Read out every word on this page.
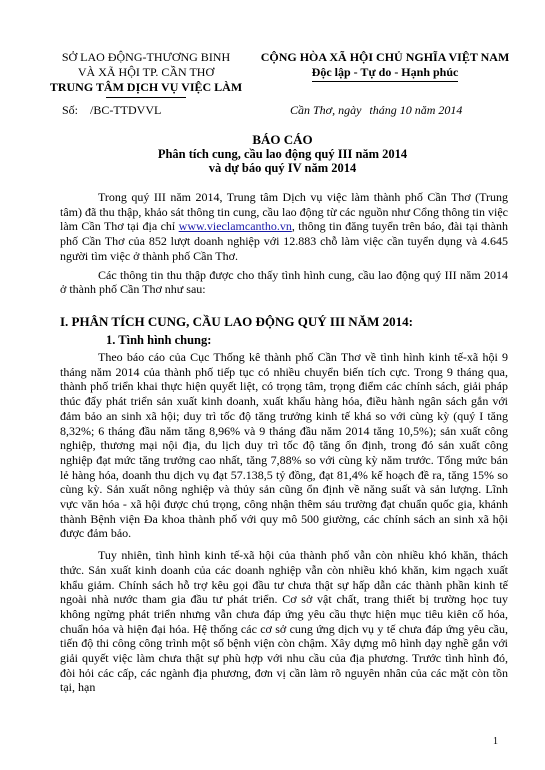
SỞ LAO ĐỘNG-THƯƠNG BINH
VÀ XÃ HỘI TP. CẦN THƠ
TRUNG TÂM DỊCH VỤ VIỆC LÀM
CỘNG HÒA XÃ HỘI CHỦ NGHĨA VIỆT NAM
Độc lập - Tự do - Hạnh phúc
Số: /BC-TTDVVL	Cần Thơ, ngày tháng 10 năm 2014
BÁO CÁO
Phân tích cung, cầu lao động quý III năm 2014
và dự báo quý IV năm 2014

Trong quý III năm 2014, Trung tâm Dịch vụ việc làm thành phố Cần Thơ (Trung tâm) đã thu thập, khảo sát thông tin cung, cầu lao động từ các nguồn như Cổng thông tin việc làm Cần Thơ tại địa chỉ www.vieclamcantho.vn, thông tin đăng tuyển trên báo, đài tại thành phố Cần Thơ của 852 lượt doanh nghiệp với 12.883 chỗ làm việc cần tuyển dụng và 4.645 người tìm việc ở thành phố Cần Thơ.

Các thông tin thu thập được cho thấy tình hình cung, cầu lao động quý III năm 2014 ở thành phố Cần Thơ như sau:

I. PHÂN TÍCH CUNG, CẦU LAO ĐỘNG QUÝ III NĂM 2014:
1. Tình hình chung:

Theo báo cáo của Cục Thống kê thành phố Cần Thơ về tình hình kinh tế-xã hội 9 tháng năm 2014 của thành phố tiếp tục có nhiều chuyển biến tích cực. Trong 9 tháng qua, thành phố triển khai thực hiện quyết liệt, có trọng tâm, trọng điểm các chính sách, giải pháp thúc đẩy phát triển sản xuất kinh doanh, xuất khẩu hàng hóa, điều hành ngân sách gắn với đảm bảo an sinh xã hội; duy trì tốc độ tăng trưởng kinh tế khá so với cùng kỳ (quý I tăng 8,32%; 6 tháng đầu năm tăng 8,96% và 9 tháng đầu năm 2014 tăng 10,5%); sản xuất công nghiệp, thương mại nội địa, du lịch duy trì tốc độ tăng ổn định, trong đó sản xuất công nghiệp đạt mức tăng trưởng cao nhất, tăng 7,88% so với cùng kỳ năm trước. Tổng mức bán lẻ hàng hóa, doanh thu dịch vụ đạt 57.138,5 tỷ đồng, đạt 81,4% kế hoạch đề ra, tăng 15% so cùng kỳ. Sản xuất nông nghiệp và thủy sản cũng ổn định về năng suất và sản lượng. Lĩnh vực văn hóa - xã hội được chú trọng, công nhận thêm sáu trường đạt chuẩn quốc gia, khánh thành Bệnh viện Đa khoa thành phố với quy mô 500 giường, các chính sách an sinh xã hội được đảm bảo.

Tuy nhiên, tình hình kinh tế-xã hội của thành phố vẫn còn nhiều khó khăn, thách thức. Sản xuất kinh doanh của các doanh nghiệp vẫn còn nhiều khó khăn, kim ngạch xuất khẩu giảm. Chính sách hỗ trợ kêu gọi đầu tư chưa thật sự hấp dẫn các thành phần kinh tế ngoài nhà nước tham gia đầu tư phát triển. Cơ sở vật chất, trang thiết bị trường học tuy không ngừng phát triển nhưng vẫn chưa đáp ứng yêu cầu thực hiện mục tiêu kiên cố hóa, chuẩn hóa và hiện đại hóa. Hệ thống các cơ sở cung ứng dịch vụ y tế chưa đáp ứng yêu cầu, tiến độ thi công công trình một số bệnh viện còn chậm. Xây dựng mô hình dạy nghề gắn với giải quyết việc làm chưa thật sự phù hợp với nhu cầu của địa phương. Trước tình hình đó, đòi hỏi các cấp, các ngành địa phương, đơn vị cần làm rõ nguyên nhân của các mặt còn tồn tại, hạn

1
